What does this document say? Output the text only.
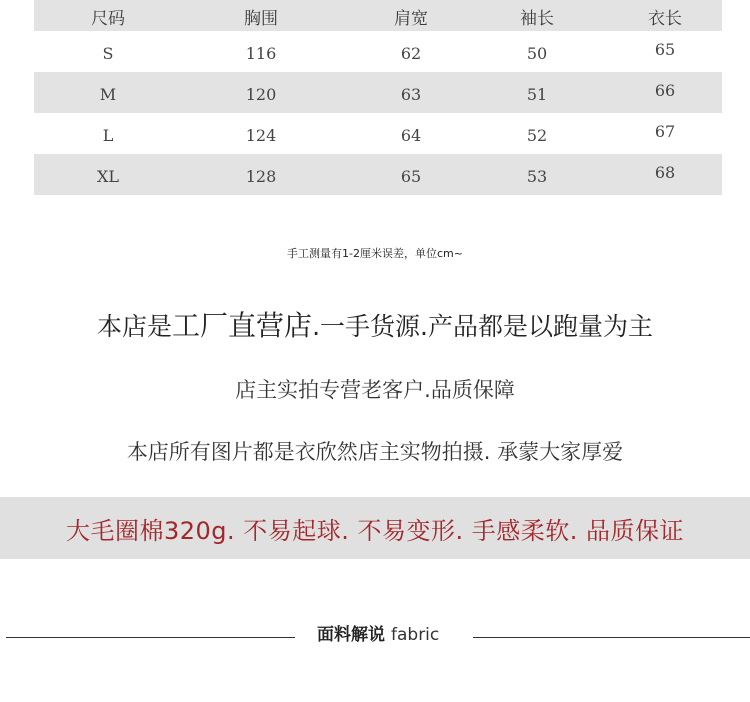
尺码	胸围	肩宽	袖长	衣长
S	116	62	50	65
M	120	63	51	66
L	124	64	52	67
XL	128	65	53	68
手工测量有1-2厘米误差，单位cm~
本店是工厂直营店.一手货源.产品都是以跑量为主
店主实拍专营老客户.品质保障
本店所有图片都是衣欣然店主实物拍摄. 承蒙大家厚爱
大毛圈棉320g. 不易起球. 不易变形. 手感柔软. 品质保证
面料解说 fabric
